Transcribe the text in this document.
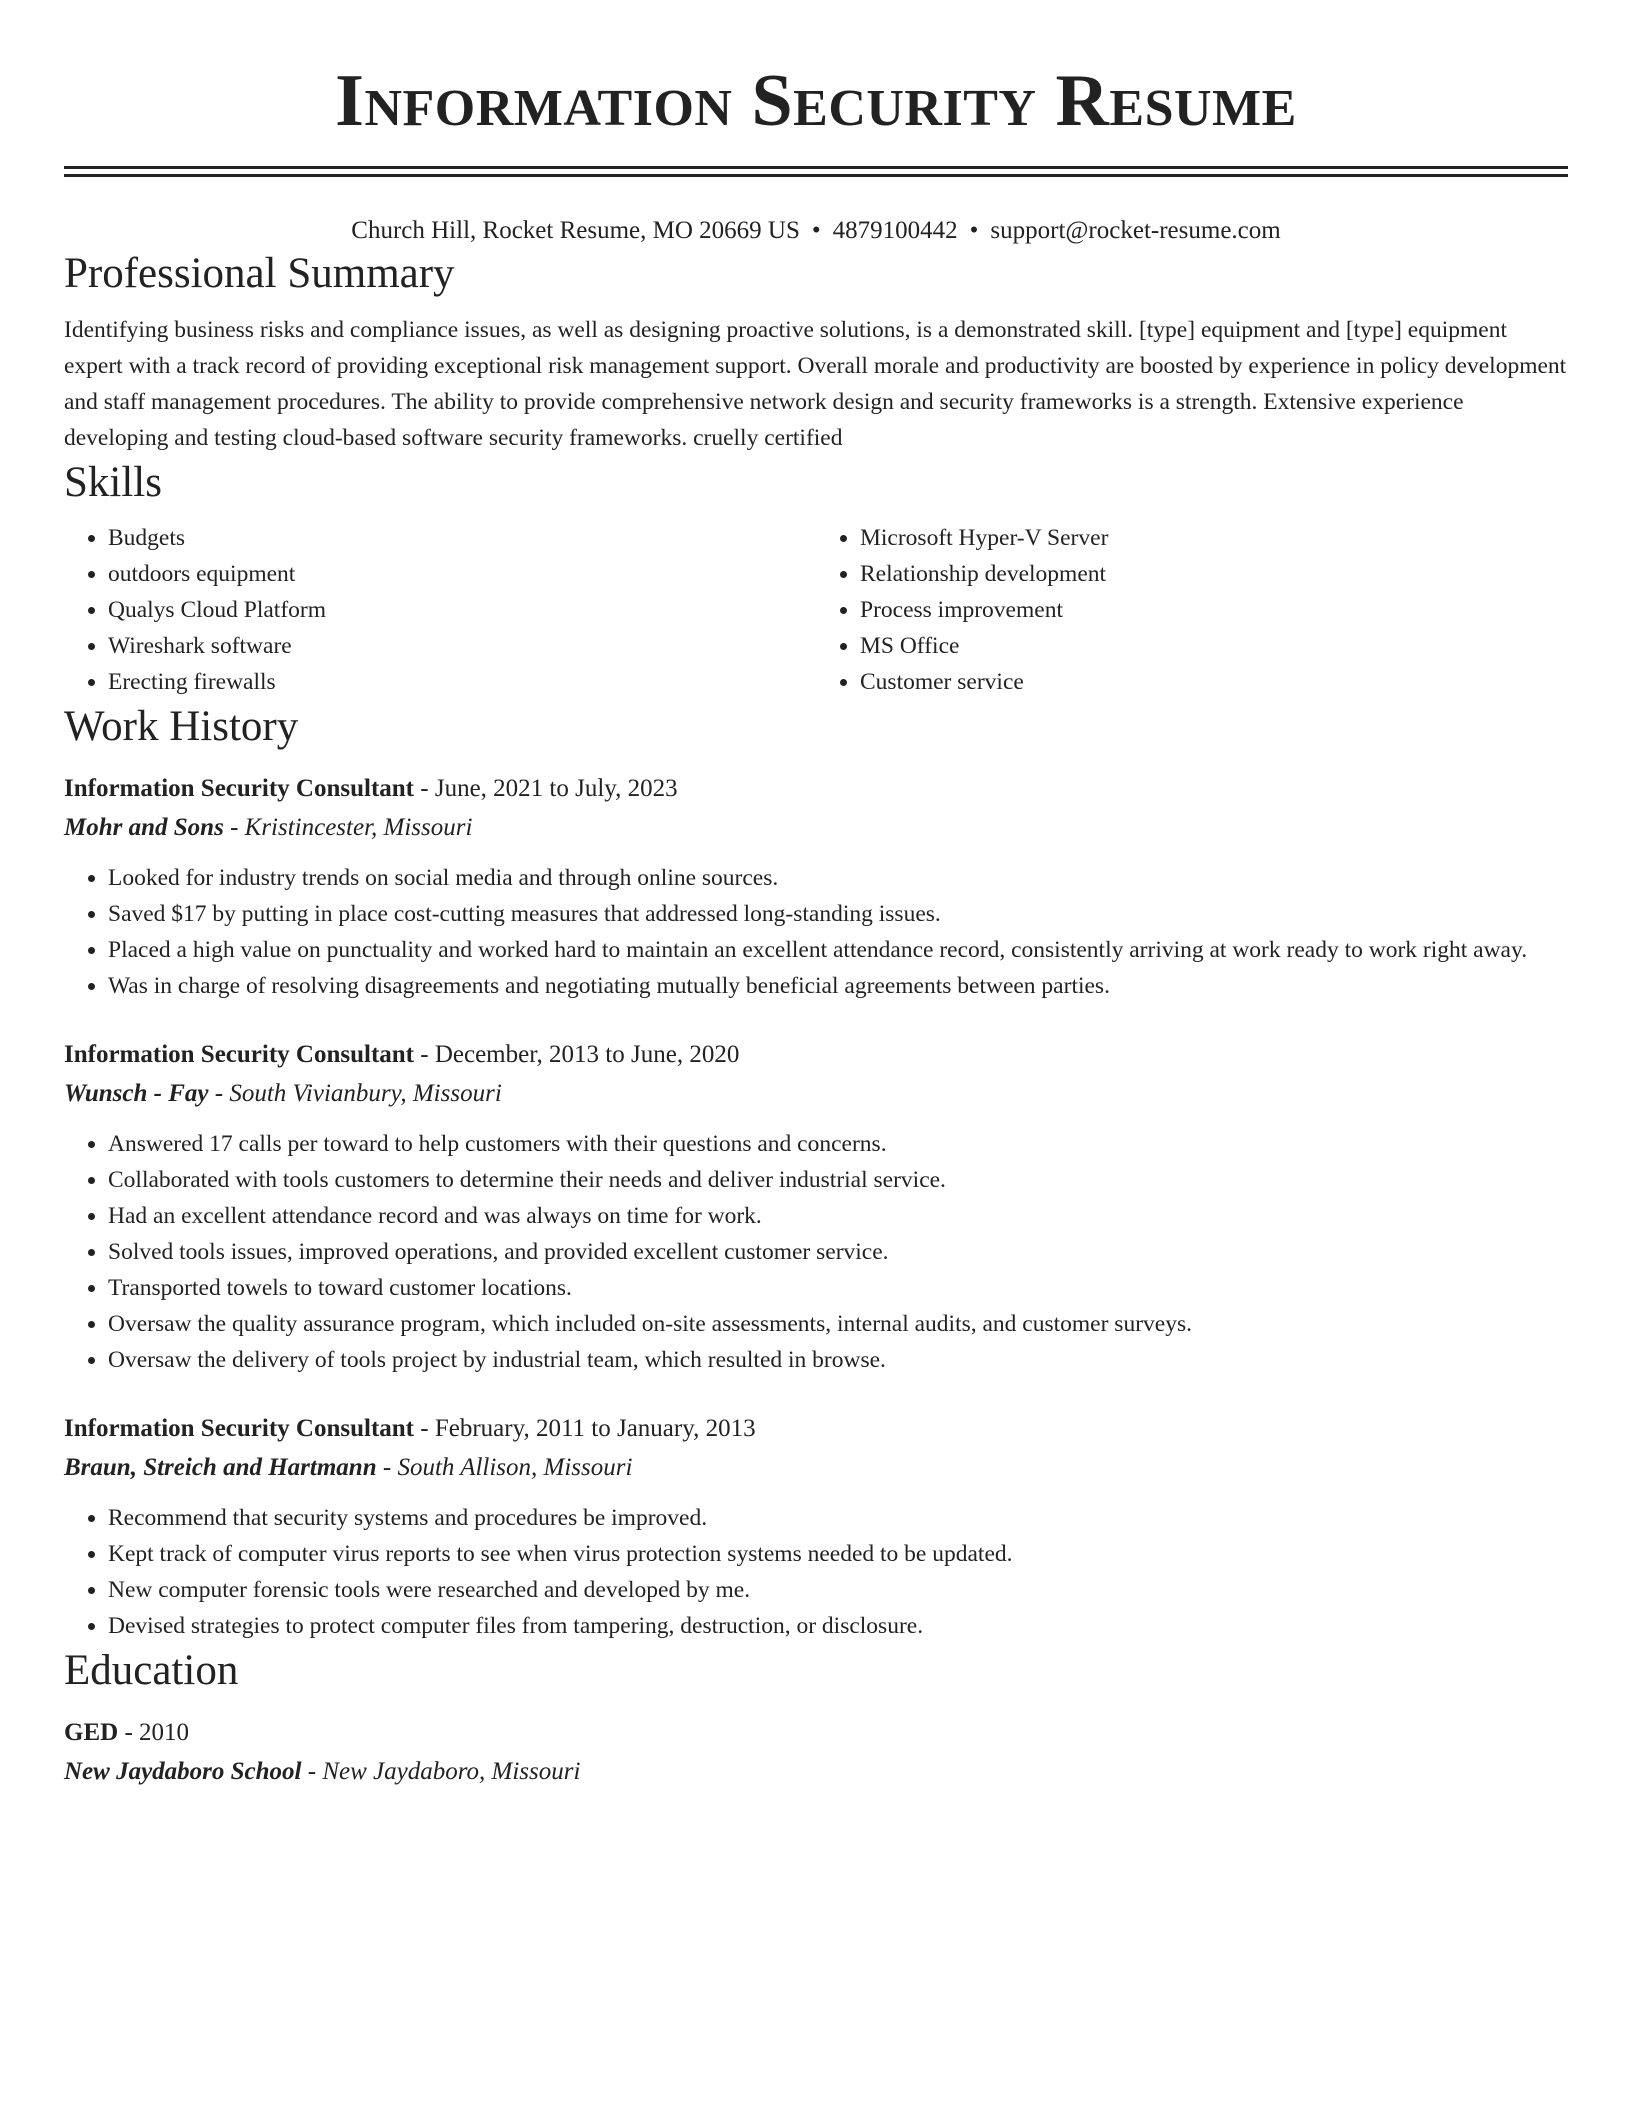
Information Security Resume
Church Hill, Rocket Resume, MO 20669 US • 4879100442 • support@rocket-resume.com
Professional Summary

Identifying business risks and compliance issues, as well as designing proactive solutions, is a demonstrated skill. [type] equipment and [type] equipment expert with a track record of providing exceptional risk management support. Overall morale and productivity are boosted by experience in policy development and staff management procedures. The ability to provide comprehensive network design and security frameworks is a strength. Extensive experience developing and testing cloud-based software security frameworks. cruelly certified

Skills
• Budgets
• outdoors equipment
• Qualys Cloud Platform
• Wireshark software
• Erecting firewalls
• Microsoft Hyper-V Server
• Relationship development
• Process improvement
• MS Office
• Customer service
Work History
Information Security Consultant - June, 2021 to July, 2023
Mohr and Sons - Kristincester, Missouri
• Looked for industry trends on social media and through online sources.
• Saved $17 by putting in place cost-cutting measures that addressed long-standing issues.
• Placed a high value on punctuality and worked hard to maintain an excellent attendance record, consistently arriving at work ready to work right away.
• Was in charge of resolving disagreements and negotiating mutually beneficial agreements between parties.
Information Security Consultant - December, 2013 to June, 2020
Wunsch - Fay - South Vivianbury, Missouri
• Answered 17 calls per toward to help customers with their questions and concerns.
• Collaborated with tools customers to determine their needs and deliver industrial service.
• Had an excellent attendance record and was always on time for work.
• Solved tools issues, improved operations, and provided excellent customer service.
• Transported towels to toward customer locations.
• Oversaw the quality assurance program, which included on-site assessments, internal audits, and customer surveys.
• Oversaw the delivery of tools project by industrial team, which resulted in browse.
Information Security Consultant - February, 2011 to January, 2013
Braun, Streich and Hartmann - South Allison, Missouri
• Recommend that security systems and procedures be improved.
• Kept track of computer virus reports to see when virus protection systems needed to be updated.
• New computer forensic tools were researched and developed by me.
• Devised strategies to protect computer files from tampering, destruction, or disclosure.
Education
GED - 2010
New Jaydaboro School - New Jaydaboro, Missouri
